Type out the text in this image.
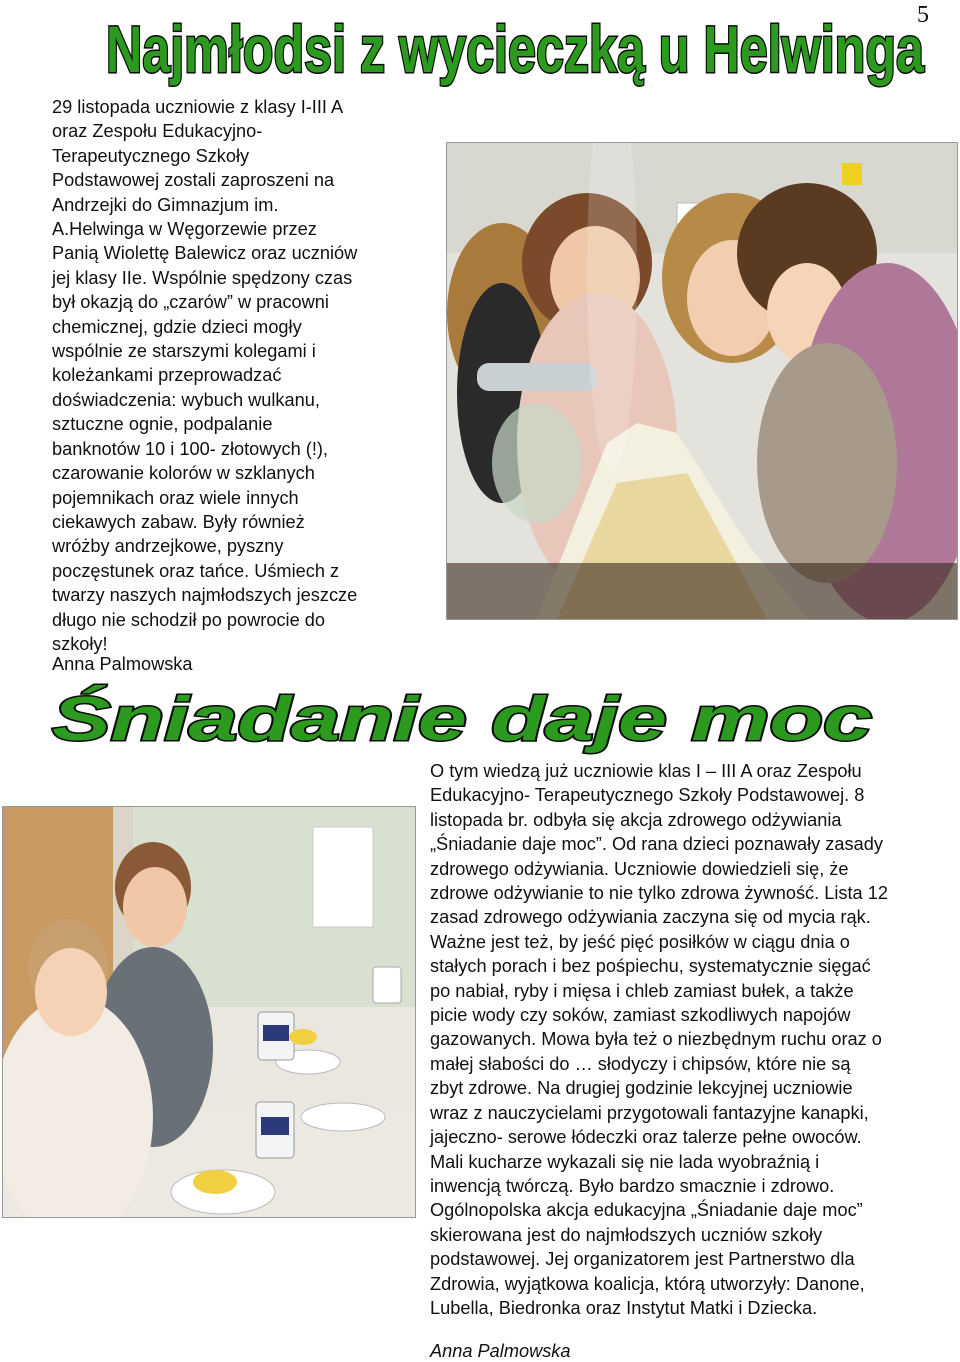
5
Najmłodsi z wycieczką u Helwinga
29 listopada uczniowie z klasy I-III A
oraz Zespołu Edukacyjno-
Terapeutycznego Szkoły
Podstawowej zostali zaproszeni na
Andrzejki do Gimnazjum im.
A.Helwinga w Węgorzewie przez
Panią Wiolettę Balewicz oraz uczniów
jej klasy IIe. Wspólnie spędzony czas
był okazją do „czarów” w pracowni
chemicznej, gdzie dzieci mogły
wspólnie ze starszymi kolegami i
koleżankami przeprowadzać
doświadczenia: wybuch wulkanu,
sztuczne ognie, podpalanie
banknotów 10 i 100- złotowych (!),
czarowanie kolorów w szklanych
pojemnikach oraz wiele innych
ciekawych zabaw. Były również
wróżby andrzejkowe, pyszny
poczęstunek oraz tańce. Uśmiech z
twarzy naszych najmłodszych jeszcze
długo nie schodził po powrocie do
szkoły!
Anna Palmowska
Śniadanie daje moc
O tym wiedzą już uczniowie klas I – III A oraz Zespołu
Edukacyjno- Terapeutycznego Szkoły Podstawowej. 8
listopada br. odbyła się akcja zdrowego odżywiania
„Śniadanie daje moc”. Od rana dzieci poznawały zasady
zdrowego odżywiania. Uczniowie dowiedzieli się, że
zdrowe odżywianie to nie tylko zdrowa żywność. Lista 12
zasad zdrowego odżywiania zaczyna się od mycia rąk.
Ważne jest też, by jeść pięć posiłków w ciągu dnia o
stałych porach i bez pośpiechu, systematycznie sięgać
po nabiał, ryby i mięsa i chleb zamiast bułek, a także
picie wody czy soków, zamiast szkodliwych napojów
gazowanych. Mowa była też o niezbędnym ruchu oraz o
małej słabości do … słodyczy i chipsów, które nie są
zbyt zdrowe. Na drugiej godzinie lekcyjnej uczniowie
wraz z nauczycielami przygotowali fantazyjne kanapki,
jajeczno- serowe łódeczki oraz talerze pełne owoców.
Mali kucharze wykazali się nie lada wyobraźnią i
inwencją twórczą. Było bardzo smacznie i zdrowo.
Ogólnopolska akcja edukacyjna „Śniadanie daje moc”
skierowana jest do najmłodszych uczniów szkoły
podstawowej. Jej organizatorem jest Partnerstwo dla
Zdrowia, wyjątkowa koalicja, którą utworzyły: Danone,
Lubella, Biedronka oraz Instytut Matki i Dziecka.
Anna Palmowska
